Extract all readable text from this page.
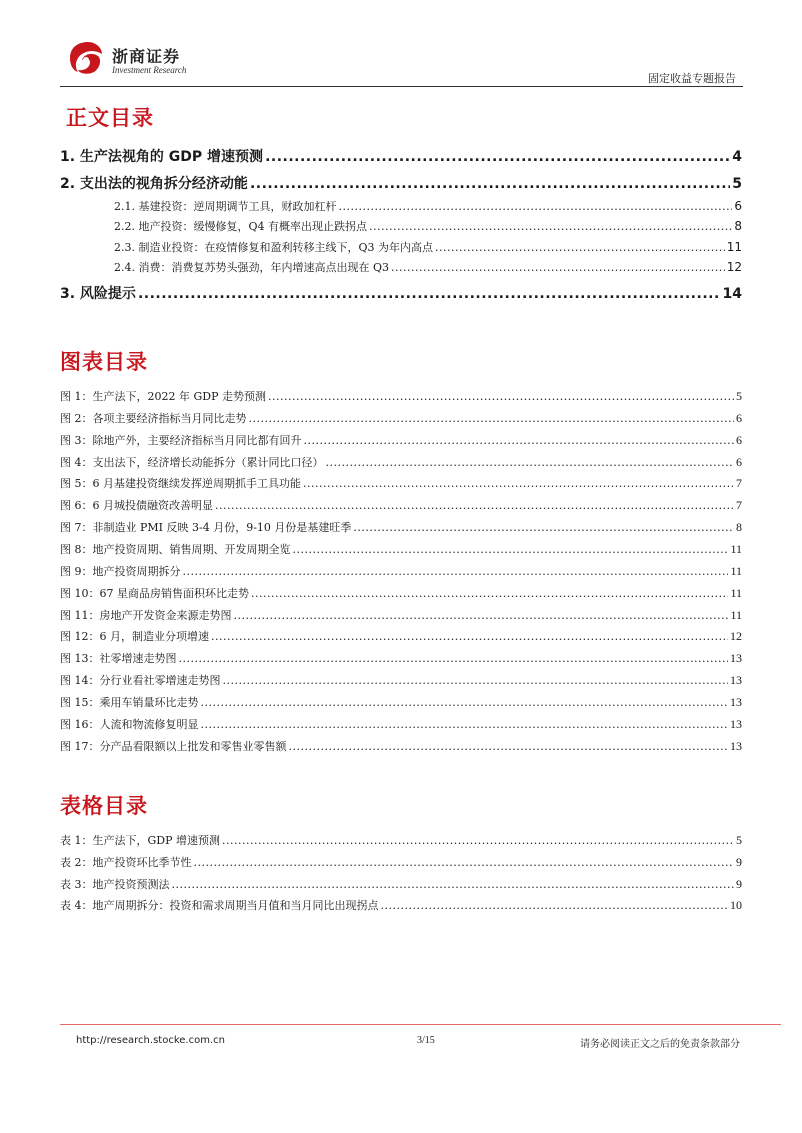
浙商证券
Investment Research
固定收益专题报告
正文目录
1. 生产法视角的 GDP 增速预测 .....	4
2. 支出法的视角拆分经济动能 .....	5
2.1. 基建投资：逆周期调节工具，财政加杠杆 .....	6
2.2. 地产投资：缓慢修复，Q4 有概率出现止跌拐点 .....	8
2.3. 制造业投资：在疫情修复和盈利转移主线下，Q3 为年内高点 .....	11
2.4. 消费：消费复苏势头强劲，年内增速高点出现在 Q3 .....	12
3. 风险提示 .....	14
图表目录
图 1：生产法下，2022 年 GDP 走势预测 .....	5
图 2：各项主要经济指标当月同比走势 .....	6
图 3：除地产外，主要经济指标当月同比都有回升 .....	6
图 4：支出法下，经济增长动能拆分（累计同比口径） .....	6
图 5：6 月基建投资继续发挥逆周期抓手工具功能 .....	7
图 6：6 月城投债融资改善明显 .....	7
图 7：非制造业 PMI 反映 3-4 月份，9-10 月份是基建旺季 .....	8
图 8：地产投资周期、销售周期、开发周期全览 .....	11
图 9：地产投资周期拆分 .....	11
图 10：67 星商品房销售面积环比走势 .....	11
图 11：房地产开发资金来源走势图 .....	11
图 12：6 月，制造业分项增速 .....	12
图 13：社零增速走势图 .....	13
图 14：分行业看社零增速走势图 .....	13
图 15：乘用车销量环比走势 .....	13
图 16：人流和物流修复明显 .....	13
图 17：分产品看限额以上批发和零售业零售额 .....	13
表格目录
表 1：生产法下，GDP 增速预测 .....	5
表 2：地产投资环比季节性 .....	9
表 3：地产投资预测法 .....	9
表 4：地产周期拆分：投资和需求周期当月值和当月同比出现拐点 .....	10
http://research.stocke.com.cn	3/15	请务必阅读正文之后的免责条款部分
